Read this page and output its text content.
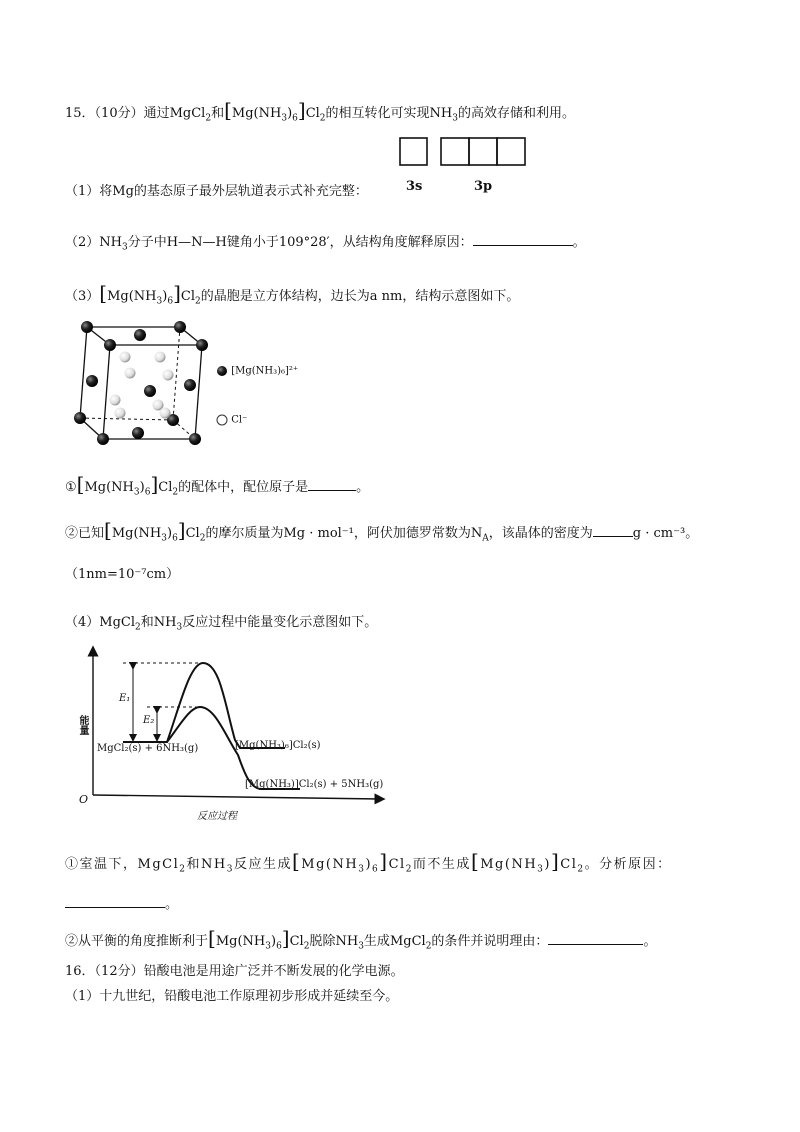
15．（10分）通过MgCl$_2$和$[Mg(NH_3)_6]Cl_2$的相互转化可实现$NH_3$的高效存储和利用。
3s	3p
（1）将Mg的基态原子最外层轨道表示式补充完整：
$(2)NH_3$分子中H—N—H键角小于109°28′，从结构角度解释原因：	。
$(3)[Mg(NH_3)_6]Cl_2$的晶胞是立方体结构，边长为a nm，结构示意图如下。
[Mg(NH₃)₆]²⁺
Cl⁻
$①[Mg(NH_3)_6]Cl_2$的配体中，配位原子是	。
②已知$[Mg(NH_3)_6]Cl_2$的摩尔质量为Mg · mol⁻¹，阿伏加德罗常数为$N_A$，该晶体的密度为	g · cm⁻³。
（1nm=10⁻⁷cm）
（4）MgCl$_2$和$NH_3$反应过程中能量变化示意图如下。
能量
O
反应过程
E₁
E₂
MgCl₂(s) + 6NH₃(g)	[Mg(NH₃)₆]Cl₂(s)
[Mg(NH₃)]Cl₂(s) + 5NH₃(g)
①室温下，MgCl$_2$和$NH_3$反应生成$[Mg(NH_3)_6]Cl_2$而不生成$[Mg(NH_3)]Cl_2$。分析原因：
。
②从平衡的角度推断利于$[Mg(NH_3)_6]Cl_2$脱除$NH_3$生成MgCl$_2$的条件并说明理由：	。
16．（12分）铅酸电池是用途广泛并不断发展的化学电源。
（1）十九世纪，铅酸电池工作原理初步形成并延续至今。
